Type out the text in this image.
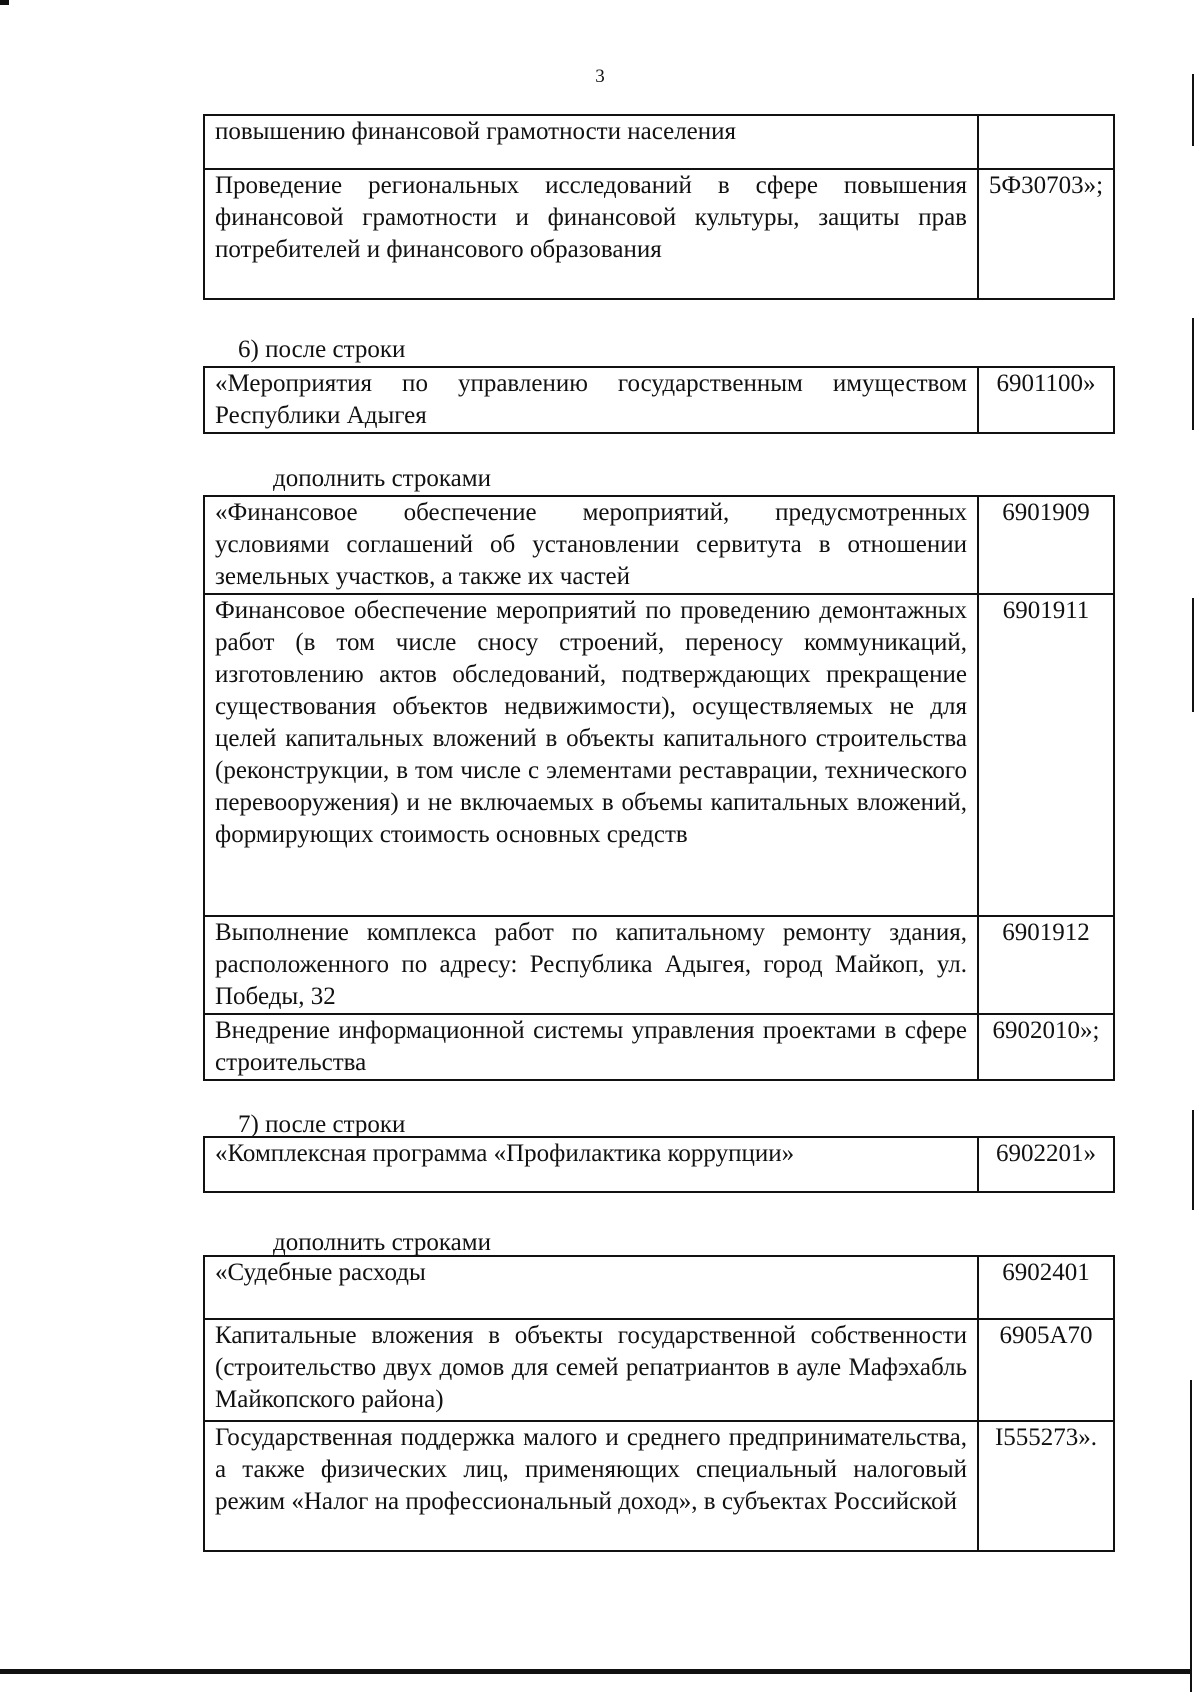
3
повышению финансовой грамотности населения	
Проведение региональных исследований в сфере повышения финансовой грамотности и финансовой культуры, защиты прав потребителей и финансового образования	5Ф30703»;
6) после строки
«Мероприятия по управлению государственным имуществом Республики Адыгея	6901100»
дополнить строками
«Финансовое обеспечение мероприятий, предусмотренных условиями соглашений об установлении сервитута в отношении земельных участков, а также их частей	6901909
Финансовое обеспечение мероприятий по проведению демонтажных работ (в том числе сносу строений, переносу коммуникаций, изготовлению актов обследований, подтверждающих прекращение существования объектов недвижимости), осуществляемых не для целей капитальных вложений в объекты капитального строительства (реконструкции, в том числе с элементами реставрации, технического перевооружения) и не включаемых в объемы капитальных вложений, формирующих стоимость основных средств	6901911
Выполнение комплекса работ по капитальному ремонту здания, расположенного по адресу: Республика Адыгея, город Майкоп, ул. Победы, 32	6901912
Внедрение информационной системы управления проектами в сфере строительства	6902010»;
7) после строки
«Комплексная программа «Профилактика коррупции»	6902201»
дополнить строками
«Судебные расходы	6902401
Капитальные вложения в объекты государственной собственности (строительство двух домов для семей репатриантов в ауле Мафэхабль Майкопского района)	6905А70
Государственная поддержка малого и среднего предпринимательства, а также физических лиц, применяющих специальный налоговый режим «Налог на профессиональный доход», в субъектах Российской	I555273».
